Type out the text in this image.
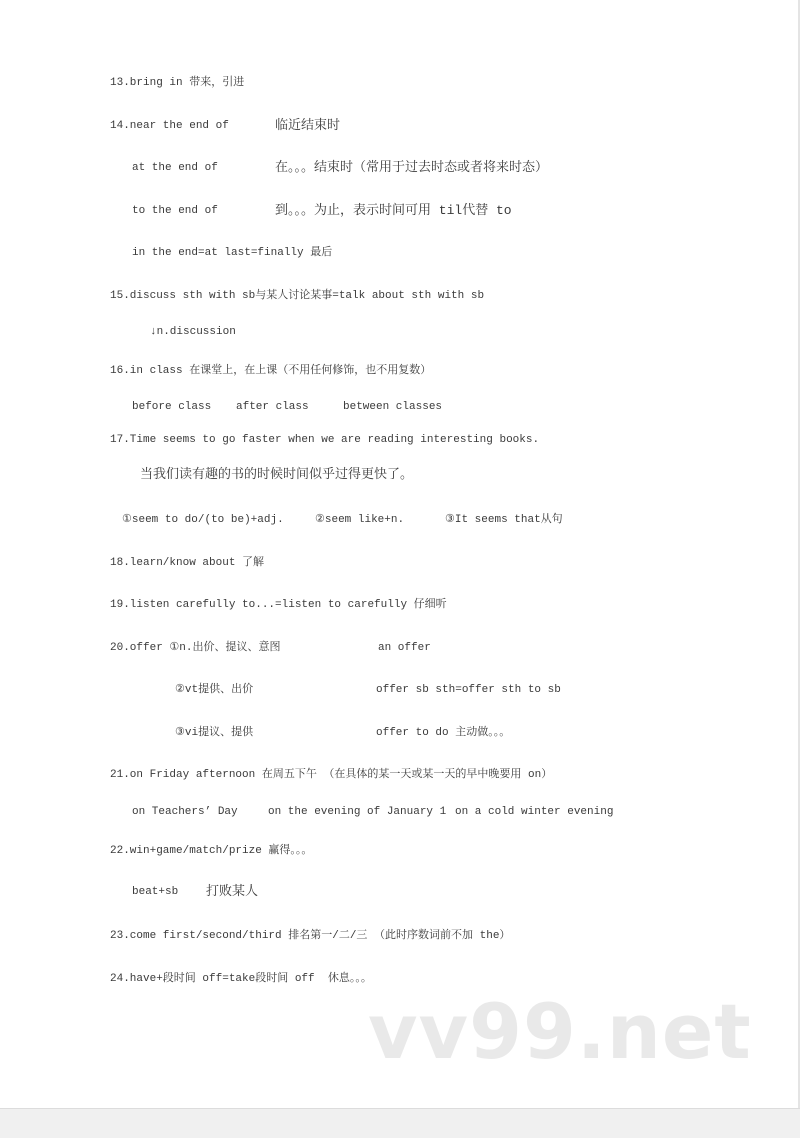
13.bring in 带来，引进
14.near the end of	临近结束时
at the end of	在。。。结束时（常用于过去时态或者将来时态）
to the end of	到。。。为止，表示时间可用 til代替 to
in the end=at last=finally 最后
15.discuss sth with sb与某人讨论某事=talk about sth with sb
↓n.discussion
16.in class 在课堂上，在上课（不用任何修饰，也不用复数）
before class after class	between classes
17.Time seems to go faster when we are reading interesting books.
当我们读有趣的书的时候时间似乎过得更快了。
①seem to do/(to be)+adj.	②seem like+n.	③It seems that从句
18.learn/know about 了解
19.listen carefully to...=listen to carefully 仔细听
20.offer ①n.出价、提议、意图	an offer
②vt提供、出价	offer sb sth=offer sth to sb
③vi提议、提供	offer to do 主动做。。。
21.on Friday afternoon 在周五下午 （在具体的某一天或某一天的早中晚要用 on）
on Teachers’ Day	on the evening of January 1 on a cold winter evening
22.win+game/match/prize 赢得。。。
beat+sb 打败某人
23.come first/second/third 排名第一/二/三 （此时序数词前不加 the）
24.have+段时间 off=take段时间 off  休息。。。
vv99.net
